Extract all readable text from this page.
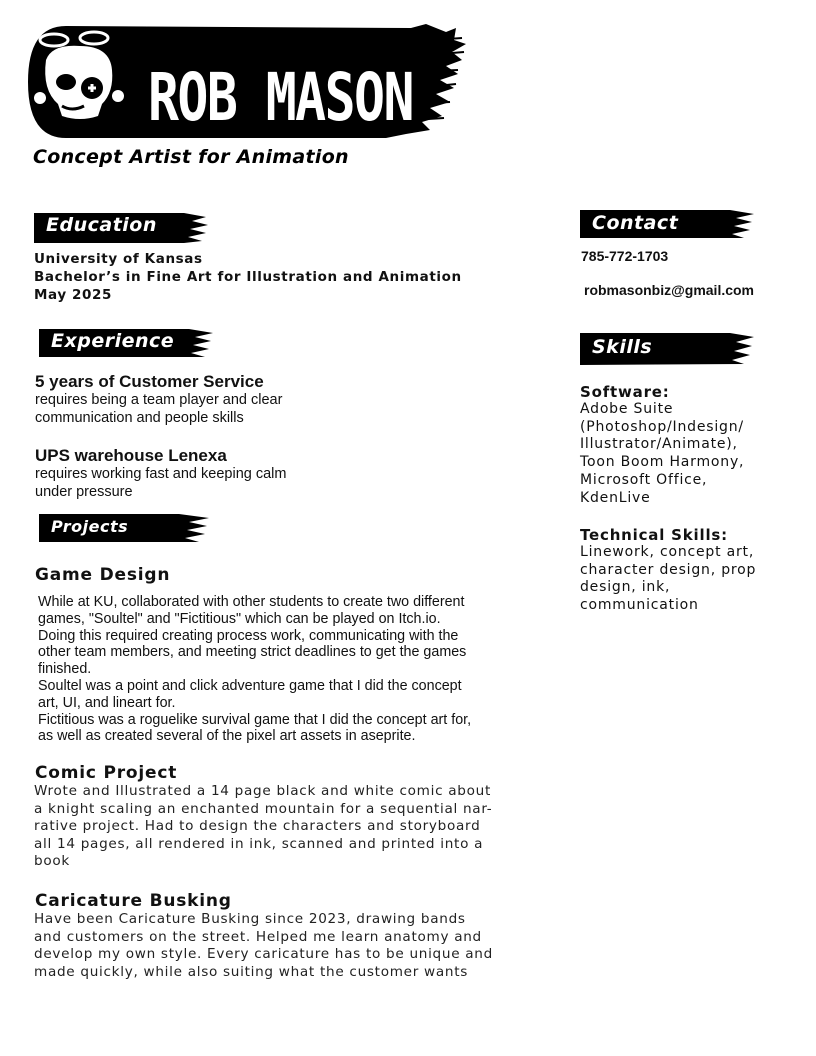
ROB MASON
Concept Artist for Animation
Education
University of Kansas
Bachelor’s in Fine Art for Illustration and Animation
May 2025
Experience
5 years of Customer Service
requires being a team player and clear
communication and people skills
UPS warehouse Lenexa
requires working fast and keeping calm
under pressure
Projects
Game Design
While at KU, collaborated with other students to create two different
games, "Soultel" and "Fictitious" which can be played on Itch.io.
Doing this required creating process work, communicating with the
other team members, and meeting strict deadlines to get the games
finished.
Soultel was a point and click adventure game that I did the concept
art, UI, and lineart for.
Fictitious was a roguelike survival game that I did the concept art for,
as well as created several of the pixel art assets in aseprite.
Comic Project
Wrote and Illustrated a 14 page black and white comic about
a knight scaling an enchanted mountain for a sequential nar-
rative project. Had to design the characters and storyboard
all 14 pages, all rendered in ink, scanned and printed into a
book
Caricature Busking
Have been Caricature Busking since 2023, drawing bands
and customers on the street. Helped me learn anatomy and
develop my own style. Every caricature has to be unique and
made quickly, while also suiting what the customer wants
Contact
785-772-1703
robmasonbiz@gmail.com
Skills
Software:
Adobe Suite
(Photoshop/Indesign/
Illustrator/Animate),
Toon Boom Harmony,
Microsoft Office,
KdenLive
Technical Skills:
Linework, concept art,
character design, prop
design, ink,
communication
